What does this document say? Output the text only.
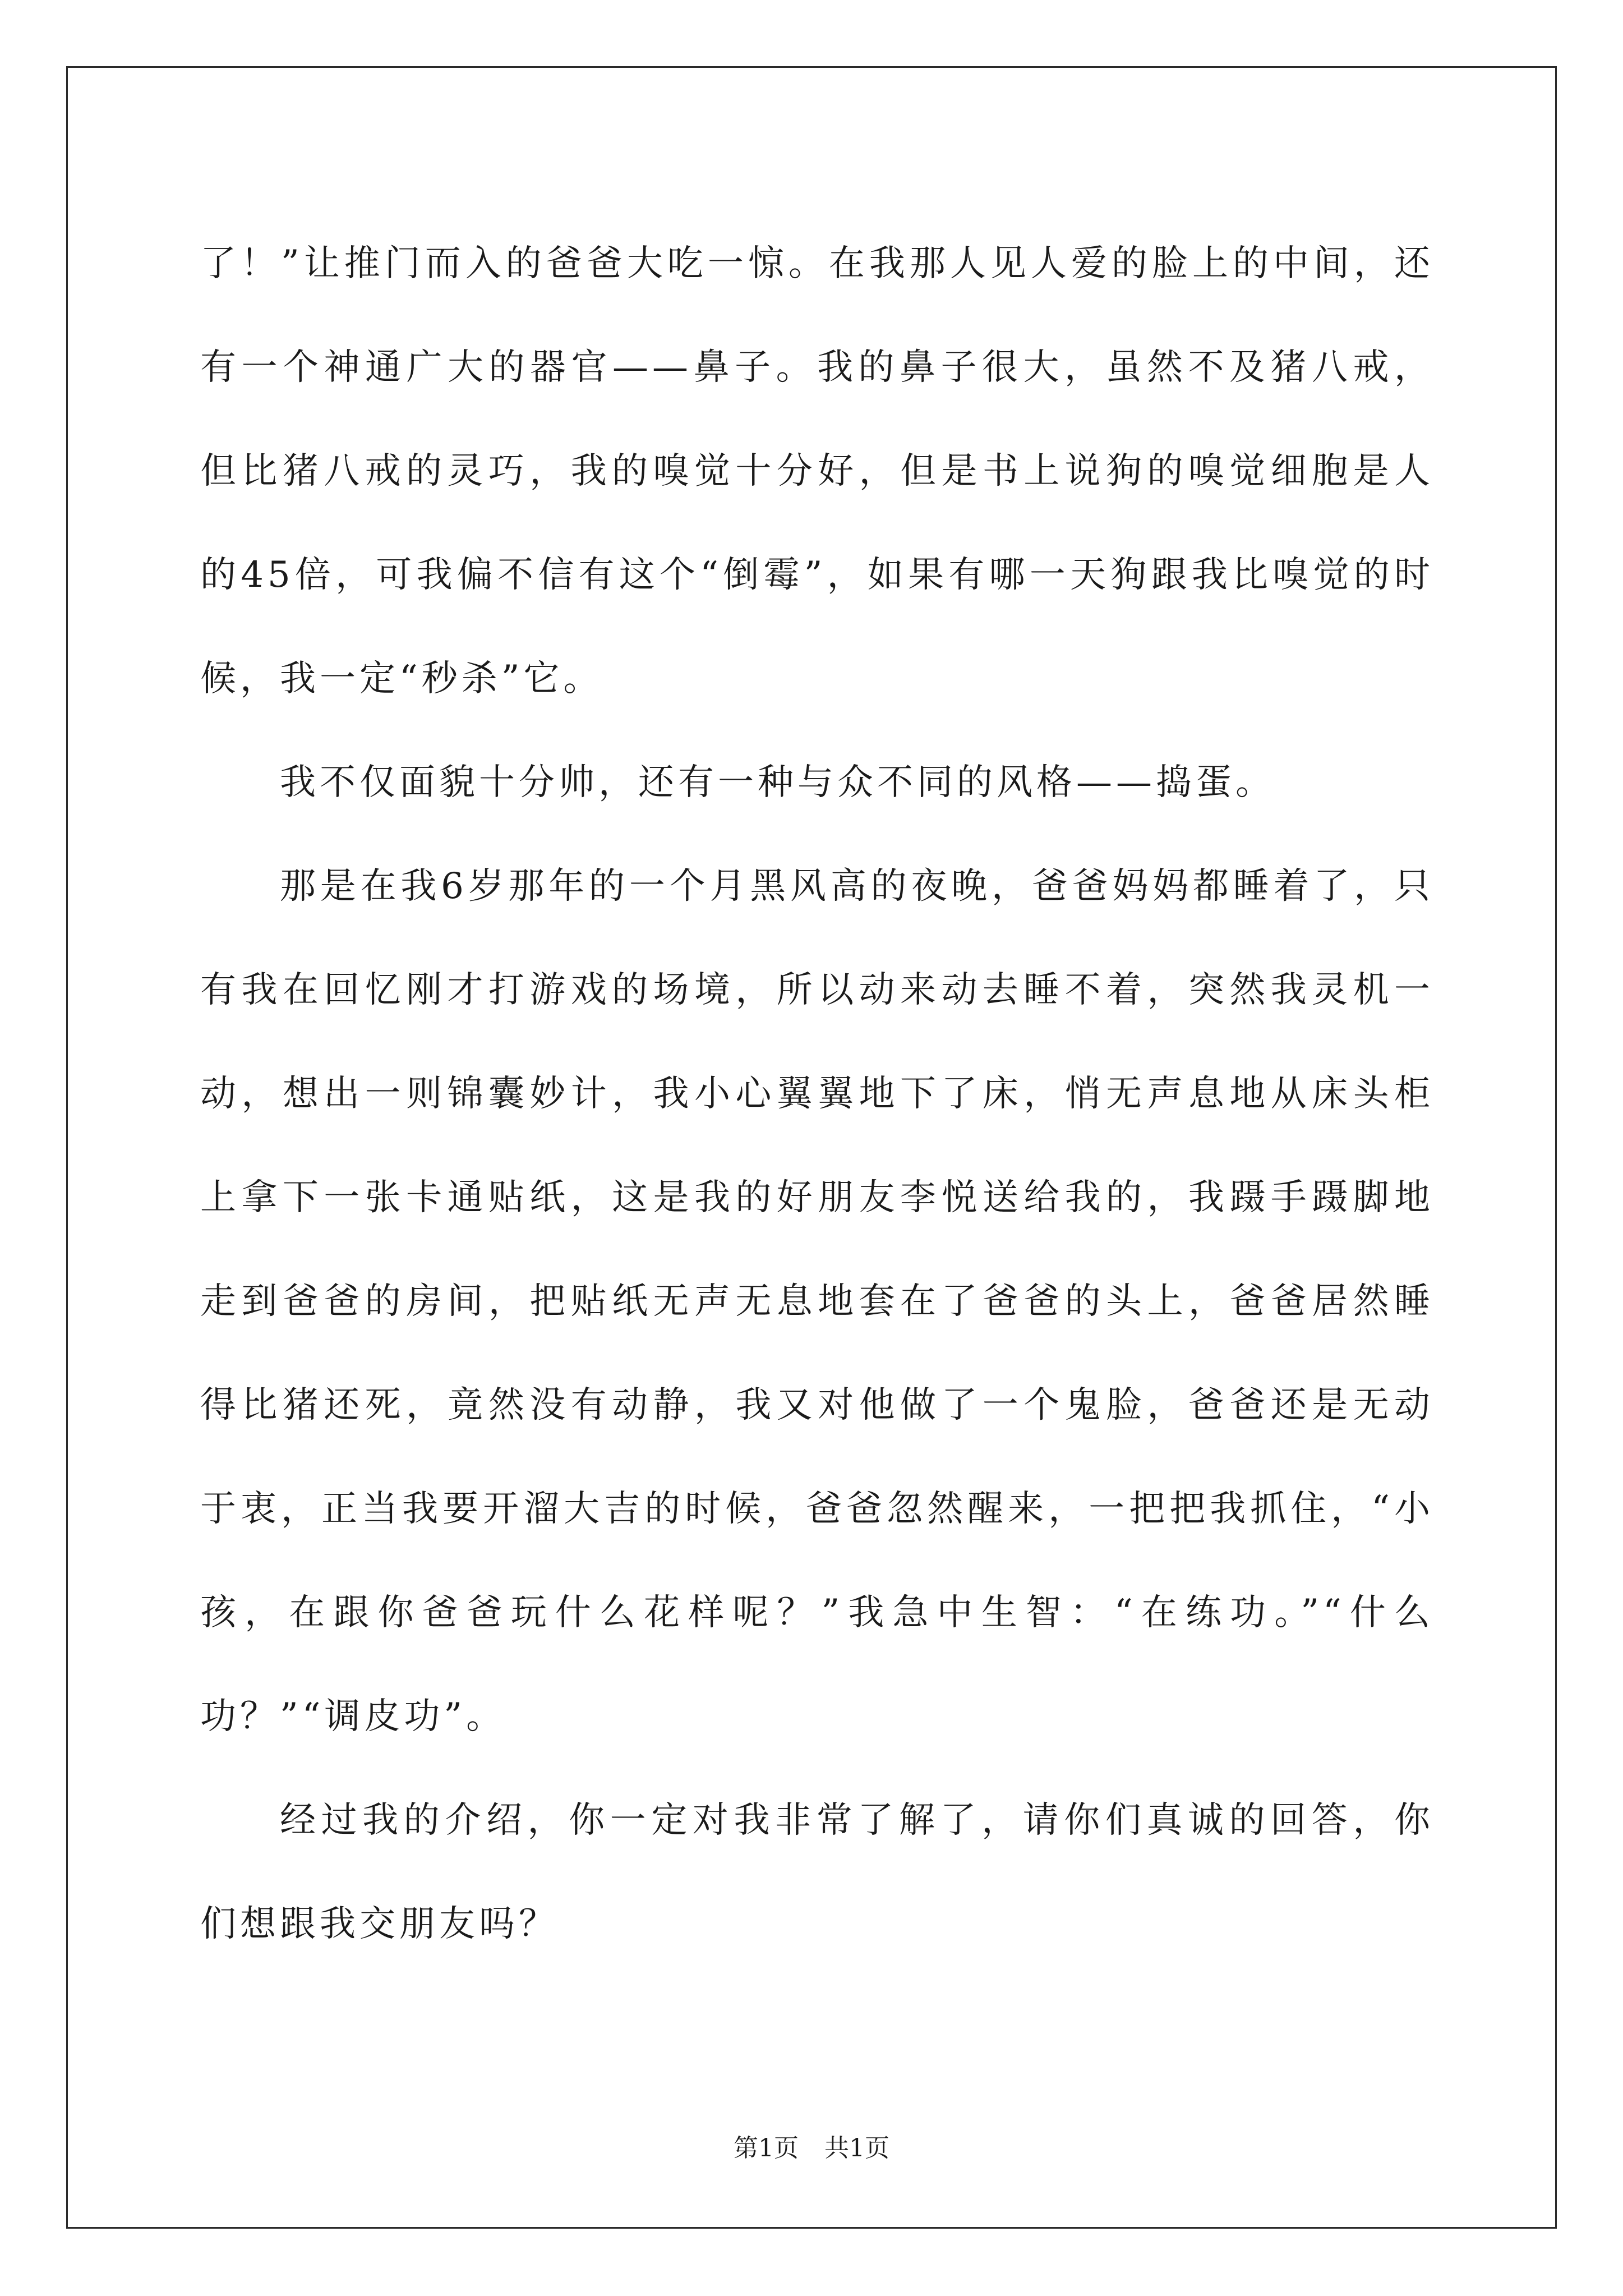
了！”让推门而入的爸爸大吃一惊。在我那人见人爱的脸上的中间，还有一个神通广大的器官——鼻子。我的鼻子很大，虽然不及猪八戒，但比猪八戒的灵巧，我的嗅觉十分好，但是书上说狗的嗅觉细胞是人的45倍，可我偏不信有这个“倒霉”，如果有哪一天狗跟我比嗅觉的时候，我一定“秒杀”它。

我不仅面貌十分帅，还有一种与众不同的风格——捣蛋。

那是在我6岁那年的一个月黑风高的夜晚，爸爸妈妈都睡着了，只有我在回忆刚才打游戏的场境，所以动来动去睡不着，突然我灵机一动，想出一则锦囊妙计，我小心翼翼地下了床，悄无声息地从床头柜上拿下一张卡通贴纸，这是我的好朋友李悦送给我的，我蹑手蹑脚地走到爸爸的房间，把贴纸无声无息地套在了爸爸的头上，爸爸居然睡得比猪还死，竟然没有动静，我又对他做了一个鬼脸，爸爸还是无动于衷，正当我要开溜大吉的时候，爸爸忽然醒来，一把把我抓住，“小孩，在跟你爸爸玩什么花样呢？”我急中生智：“在练功。”“什么功？”“调皮功”。

经过我的介绍，你一定对我非常了解了，请你们真诚的回答，你们想跟我交朋友吗？

第1页 共1页
